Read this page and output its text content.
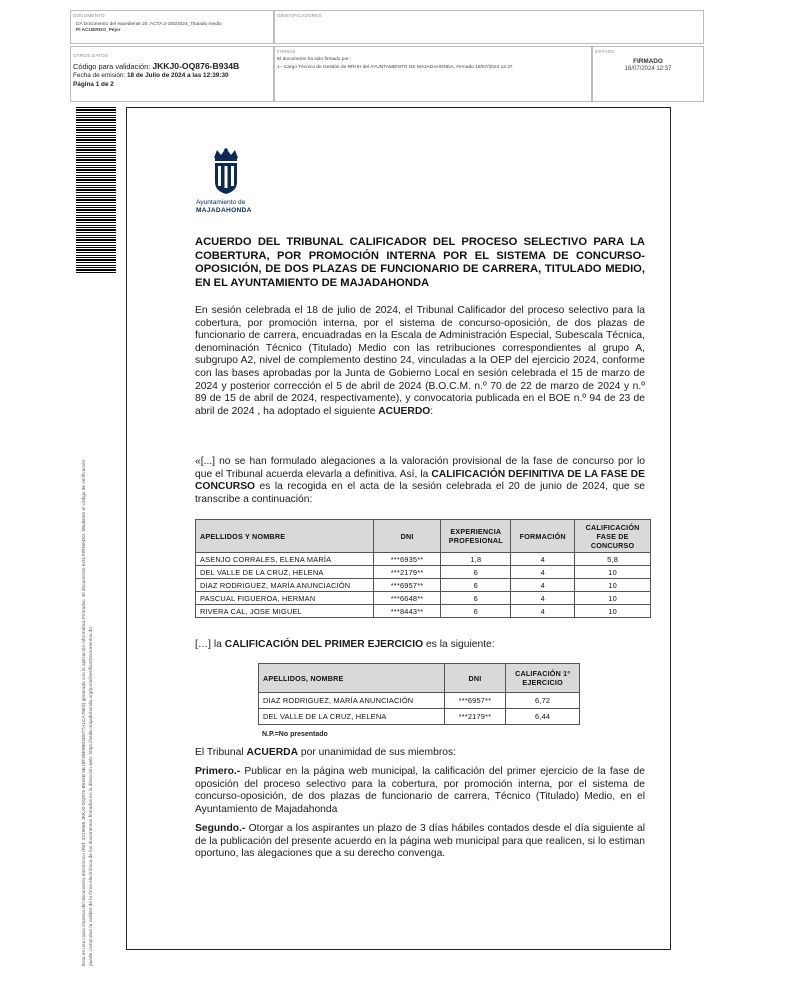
DOCUMENTO
DA Documento del expediente 20. ACTA 2-180/2024_Titulado medio
PI ACUERDO_Pejor
IDENTIFICADORES
OTROS DATOS
Código para validación: JKKJ0-OQ876-B934B
Fecha de emisión: 18 de Julio de 2024 a las 12:39:30
Página 1 de 2
FIRMAS
El documento ha sido firmado por :
1.- Cargo Técnico de Gestión de RRHH del AYUNTAMIENTO DE MAJADAHONDA. Firmado 18/07/2024 12:37
ESTADO
FIRMADO
18/07/2024 12:37
Esta es una copia impresa del documento electrónico (Ref: 3219659 JKKJ0-OQ876-B934B 5E18F39E9B03D677A1CA75E3) generada con la aplicación informática Firmadoc. El documento está FIRMADO. Mediante el código de verificación puede comprobar la validez de la firma electrónica de los documentos firmados en la dirección web: https://sede.majadahonda.org/portal/verificarDocumentos.do
Ayuntamiento de
MAJADAHONDA
ACUERDO DEL TRIBUNAL CALIFICADOR DEL PROCESO SELECTIVO PARA LA COBERTURA, POR PROMOCIÓN INTERNA POR EL SISTEMA DE CONCURSO-OPOSICIÓN, DE DOS PLAZAS DE FUNCIONARIO DE CARRERA, TITULADO MEDIO, EN EL AYUNTAMIENTO DE MAJADAHONDA
En sesión celebrada el 18 de julio de 2024, el Tribunal Calificador del proceso selectivo para la cobertura, por promoción interna, por el sistema de concurso-oposición, de dos plazas de funcionario de carrera, encuadradas en la Escala de Administración Especial, Subescala Técnica, denominación Técnico (Titulado) Medio con las retribuciones correspondientes al grupo A, subgrupo A2, nivel de complemento destino 24, vinculadas a la OEP del ejercicio 2024, conforme con las bases aprobadas por la Junta de Gobierno Local en sesión celebrada el 15 de marzo de 2024 y posterior corrección el 5 de abril de 2024 (B.O.C.M. n.º 70 de 22 de marzo de 2024 y n.º 89 de 15 de abril de 2024, respectivamente), y convocatoria publicada en el BOE n.º 94 de 23 de abril de 2024 , ha adoptado el siguiente ACUERDO:
«[...] no se han formulado alegaciones a la valoración provisional de la fase de concurso por lo que el Tribunal acuerda elevarla a definitiva. Así, la CALIFICACIÓN DEFINITIVA DE LA FASE DE CONCURSO es la recogida en el acta de la sesión celebrada el 20 de junio de 2024, que se transcribe a continuación:
APELLIDOS Y NOMBRE	DNI	EXPERIENCIA PROFESIONAL	FORMACIÓN	CALIFICACIÓN FASE DE CONCURSO
ASENJO CORRALES, ELENA MARÍA	***6935**	1,8	4	5,8
DEL VALLE DE LA CRUZ, HELENA	***2179**	6	4	10
DIAZ RODRIGUEZ, MARÍA ANUNCIACIÓN	***6957**	6	4	10
PASCUAL FIGUEROA, HERMAN	***6648**	6	4	10
RIVERA CAL, JOSE MIGUEL	***8443**	6	4	10
[…] la CALIFICACIÓN DEL PRIMER EJERCICIO es la siguiente:
APELLIDOS, NOMBRE	DNI	CALIFACIÓN 1º EJERCICIO
DIAZ RODRIGUEZ, MARÍA ANUNCIACIÓN	***6957**	6,72
DEL VALLE DE LA CRUZ, HELENA	***2179**	6,44
N.P.=No presentado
El Tribunal ACUERDA por unanimidad de sus miembros:
Primero.- Publicar en la página web municipal, la calificación del primer ejercicio de la fase de oposición del proceso selectivo para la cobertura, por promoción interna, por el sistema de concurso-oposición, de dos plazas de funcionario de carrera, Técnico (Titulado) Medio, en el Ayuntamiento de Majadahonda
Segundo.- Otorgar a los aspirantes un plazo de 3 días hábiles contados desde el día siguiente al de la publicación del presente acuerdo en la página web municipal para que realicen, si lo estiman oportuno, las alegaciones que a su derecho convenga.
